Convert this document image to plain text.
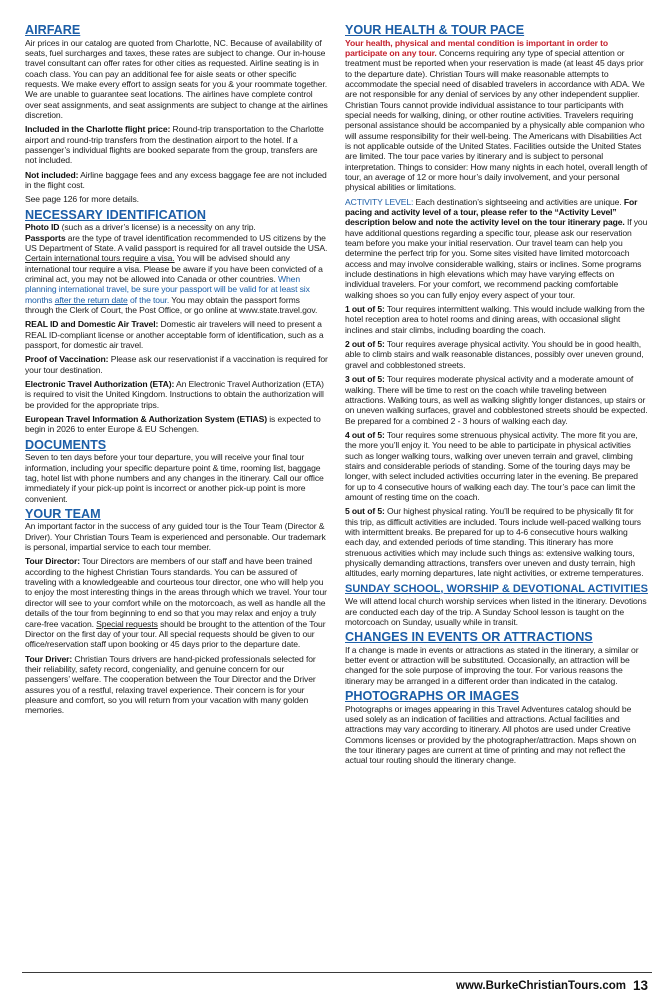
AIRFARE

Air prices in our catalog are quoted from Charlotte, NC. Because of availability of seats, fuel surcharges and taxes, these rates are subject to change. Our in-house travel consultant can offer rates for other cities as requested. Airline seating is in coach class. You can pay an additional fee for aisle seats or other specific requests. We make every effort to assign seats for you & your roommate together. We are unable to guarantee seat locations. The airlines have complete control over seat assignments, and seat assignments are subject to change at the airlines discretion.

Included in the Charlotte flight price: Round-trip transportation to the Charlotte airport and round-trip transfers from the destination airport to the hotel. If a passenger’s individual flights are booked separate from the group, transfers are not included.

Not included: Airline baggage fees and any excess baggage fee are not included in the flight cost.

See page 126 for more details.

NECESSARY IDENTIFICATION

Photo ID (such as a driver’s license) is a necessity on any trip.
Passports are the type of travel identification recommended to US citizens by the US Department of State. A valid passport is required for all travel outside the USA. Certain international tours require a visa. You will be advised should any international tour require a visa. Please be aware if you have been convicted of a criminal act, you may not be allowed into Canada or other countries. When planning international travel, be sure your passport will be valid for at least six months after the return date of the tour. You may obtain the passport forms through the Clerk of Court, the Post Office, or go online at www.state.travel.gov.

REAL ID and Domestic Air Travel: Domestic air travelers will need to present a REAL ID-compliant license or another acceptable form of identification, such as a passport, for domestic air travel.

Proof of Vaccination: Please ask our reservationist if a vaccination is required for your tour destination.

Electronic Travel Authorization (ETA): An Electronic Travel Authorization (ETA) is required to visit the United Kingdom. Instructions to obtain the authorization will be provided for the appropriate trips.

European Travel Information & Authorization System (ETIAS) is expected to begin in 2026 to enter Europe & EU Schengen.

DOCUMENTS

Seven to ten days before your tour departure, you will receive your final tour information, including your specific departure point & time, rooming list, baggage tag, hotel list with phone numbers and any changes in the itinerary. Call our office immediately if your pick-up point is incorrect or another pick-up point is more convenient.

YOUR TEAM

An important factor in the success of any guided tour is the Tour Team (Director & Driver). Your Christian Tours Team is experienced and personable. Our trademark is personal, impartial service to each tour member.

Tour Director: Tour Directors are members of our staff and have been trained according to the highest Christian Tours standards. You can be assured of traveling with a knowledgeable and courteous tour director, one who will help you to enjoy the most interesting things in the areas through which we travel. Your tour director will see to your comfort while on the motorcoach, as well as handle all the details of the tour from beginning to end so that you may relax and enjoy a truly care-free vacation. Special requests should be brought to the attention of the Tour Director on the first day of your tour. All special requests should be given to our office/reservation staff upon booking or 45 days prior to the departure date.

Tour Driver: Christian Tours drivers are hand-picked professionals selected for their reliability, safety record, congeniality, and genuine concern for our passengers’ welfare. The cooperation between the Tour Director and the Driver assures you of a restful, relaxing travel experience. Their concern is for your pleasure and comfort, so you will return from your vacation with many golden memories.

YOUR HEALTH & TOUR PACE

Your health, physical and mental condition is important in order to participate on any tour. Concerns requiring any type of special attention or treatment must be reported when your reservation is made (at least 45 days prior to the departure date). Christian Tours will make reasonable attempts to accommodate the special need of disabled travelers in accordance with ADA. We are not responsible for any denial of services by any other independent supplier. Christian Tours cannot provide individual assistance to tour participants with special needs for walking, dining, or other routine activities. Travelers requiring personal assistance should be accompanied by a physically able companion who will assume responsibility for their well-being. The Americans with Disabilities Act is not applicable outside of the United States. Facilities outside the United States are limited. The tour pace varies by itinerary and is subject to personal interpretation. Things to consider: How many nights in each hotel, overall length of tour, an average of 12 or more hour’s daily involvement, and your personal physical abilities or limitations.

ACTIVITY LEVEL: Each destination’s sightseeing and activities are unique. For pacing and activity level of a tour, please refer to the “Activity Level” description below and note the activity level on the tour itinerary page. If you have additional questions regarding a specific tour, please ask our reservation team before you make your initial reservation. Our travel team can help you determine the perfect trip for you. Some sites visited have limited motorcoach access and may involve considerable walking, stairs or inclines. Some programs include destinations in high elevations which may have varying effects on individual travelers. For your comfort, we recommend packing comfortable walking shoes so you can fully enjoy every aspect of your tour.

1 out of 5: Tour requires intermittent walking. This would include walking from the hotel reception area to hotel rooms and dining areas, with occasional slight inclines and stair climbs, including boarding the coach.

2 out of 5: Tour requires average physical activity. You should be in good health, able to climb stairs and walk reasonable distances, possibly over uneven ground, gravel and cobblestoned streets.

3 out of 5: Tour requires moderate physical activity and a moderate amount of walking. There will be time to rest on the coach while traveling between attractions. Walking tours, as well as walking slightly longer distances, up stairs or on uneven walking surfaces, gravel and cobblestoned streets should be expected. Be prepared for a combined 2 - 3 hours of walking each day.

4 out of 5: Tour requires some strenuous physical activity. The more fit you are, the more you’ll enjoy it. You need to be able to participate in physical activities such as longer walking tours, walking over uneven terrain and gravel, climbing stairs and considerable periods of standing. Some of the touring days may be longer, with select included activities occurring later in the evening. Be prepared for up to 4 consecutive hours of walking each day. The tour’s pace can limit the amount of resting time on the coach.

5 out of 5: Our highest physical rating. You’ll be required to be physically fit for this trip, as difficult activities are included. Tours include well-paced walking tours with intermittent breaks. Be prepared for up to 4-6 consecutive hours walking each day, and extended periods of time standing. This itinerary has more strenuous activities which may include such things as: extensive walking tours, physically demanding attractions, transfers over uneven and dusty terrain, high altitudes, early morning departures, late night activities, or extreme temperatures.

SUNDAY SCHOOL, WORSHIP & DEVOTIONAL ACTIVITIES

We will attend local church worship services when listed in the itinerary. Devotions are conducted each day of the trip. A Sunday School lesson is taught on the motorcoach on Sunday, usually while in transit.

CHANGES IN EVENTS OR ATTRACTIONS

If a change is made in events or attractions as stated in the itinerary, a similar or better event or attraction will be substituted. Occasionally, an attraction will be changed for the sole purpose of improving the tour. For various reasons the itinerary may be arranged in a different order than indicated in the catalog.

PHOTOGRAPHS OR IMAGES

Photographs or images appearing in this Travel Adventures catalog should be used solely as an indication of facilities and attractions. Actual facilities and attractions may vary according to itinerary. All photos are used under Creative Commons licenses or provided by the photographer/attraction. Maps shown on the tour itinerary pages are current at time of printing and may not reflect the actual tour routing should the itinerary change.

www.BurkeChristianTours.com 13
